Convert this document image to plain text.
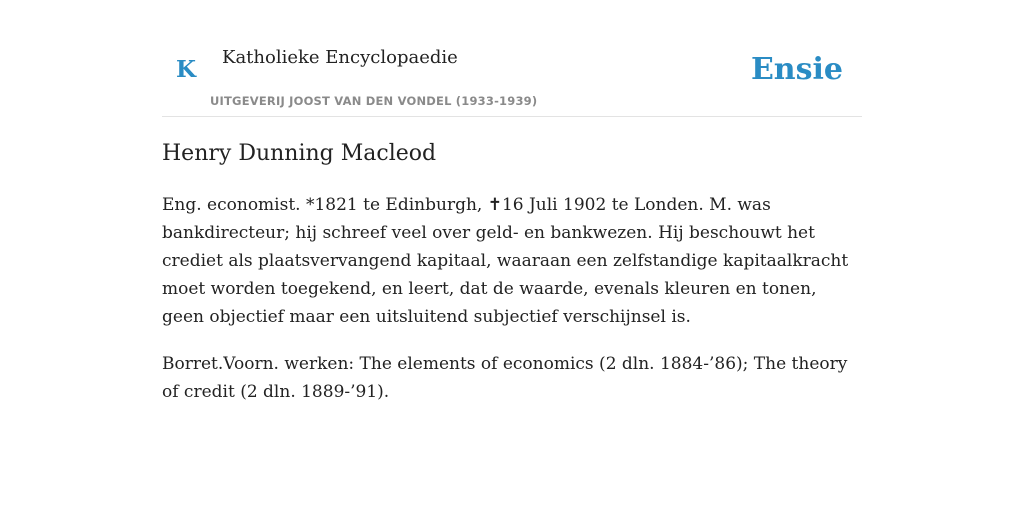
K Katholieke Encyclopaedie
UITGEVERIJ JOOST VAN DEN VONDEL (1933-1939)
Ensie
Henry Dunning Macleod

Eng. economist. *1821 te Edinburgh, ✝16 Juli 1902 te Londen. M. was bankdirecteur; hij schreef veel over geld- en bankwezen. Hij beschouwt het crediet als plaatsvervangend kapitaal, waaraan een zelfstandige kapitaalkracht moet worden toegekend, en leert, dat de waarde, evenals kleuren en tonen, geen objectief maar een uitsluitend subjectief verschijnsel is.

Borret.Voorn. werken: The elements of economics (2 dln. 1884-’86); The theory of credit (2 dln. 1889-’91).
